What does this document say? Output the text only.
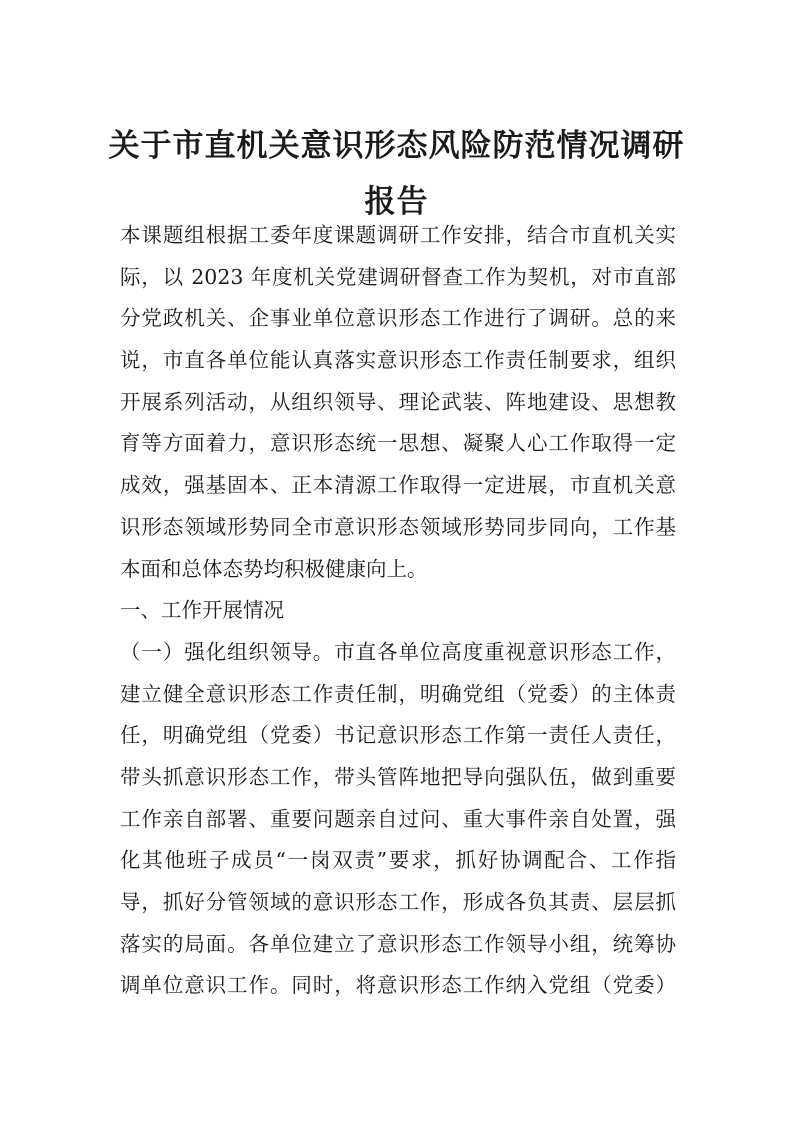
关于市直机关意识形态风险防范情况调研
报告
本课题组根据工委年度课题调研工作安排，结合市直机关实
际，以 2023 年度机关党建调研督查工作为契机，对市直部
分党政机关、企事业单位意识形态工作进行了调研。总的来
说，市直各单位能认真落实意识形态工作责任制要求，组织
开展系列活动，从组织领导、理论武装、阵地建设、思想教
育等方面着力，意识形态统一思想、凝聚人心工作取得一定
成效，强基固本、正本清源工作取得一定进展，市直机关意
识形态领域形势同全市意识形态领域形势同步同向，工作基
本面和总体态势均积极健康向上。
一、工作开展情况
（一）强化组织领导。市直各单位高度重视意识形态工作，
建立健全意识形态工作责任制，明确党组（党委）的主体责
任，明确党组（党委）书记意识形态工作第一责任人责任，
带头抓意识形态工作，带头管阵地把导向强队伍，做到重要
工作亲自部署、重要问题亲自过问、重大事件亲自处置，强
化其他班子成员“一岗双责”要求，抓好协调配合、工作指
导，抓好分管领域的意识形态工作，形成各负其责、层层抓
落实的局面。各单位建立了意识形态工作领导小组，统筹协
调单位意识工作。同时，将意识形态工作纳入党组（党委）
